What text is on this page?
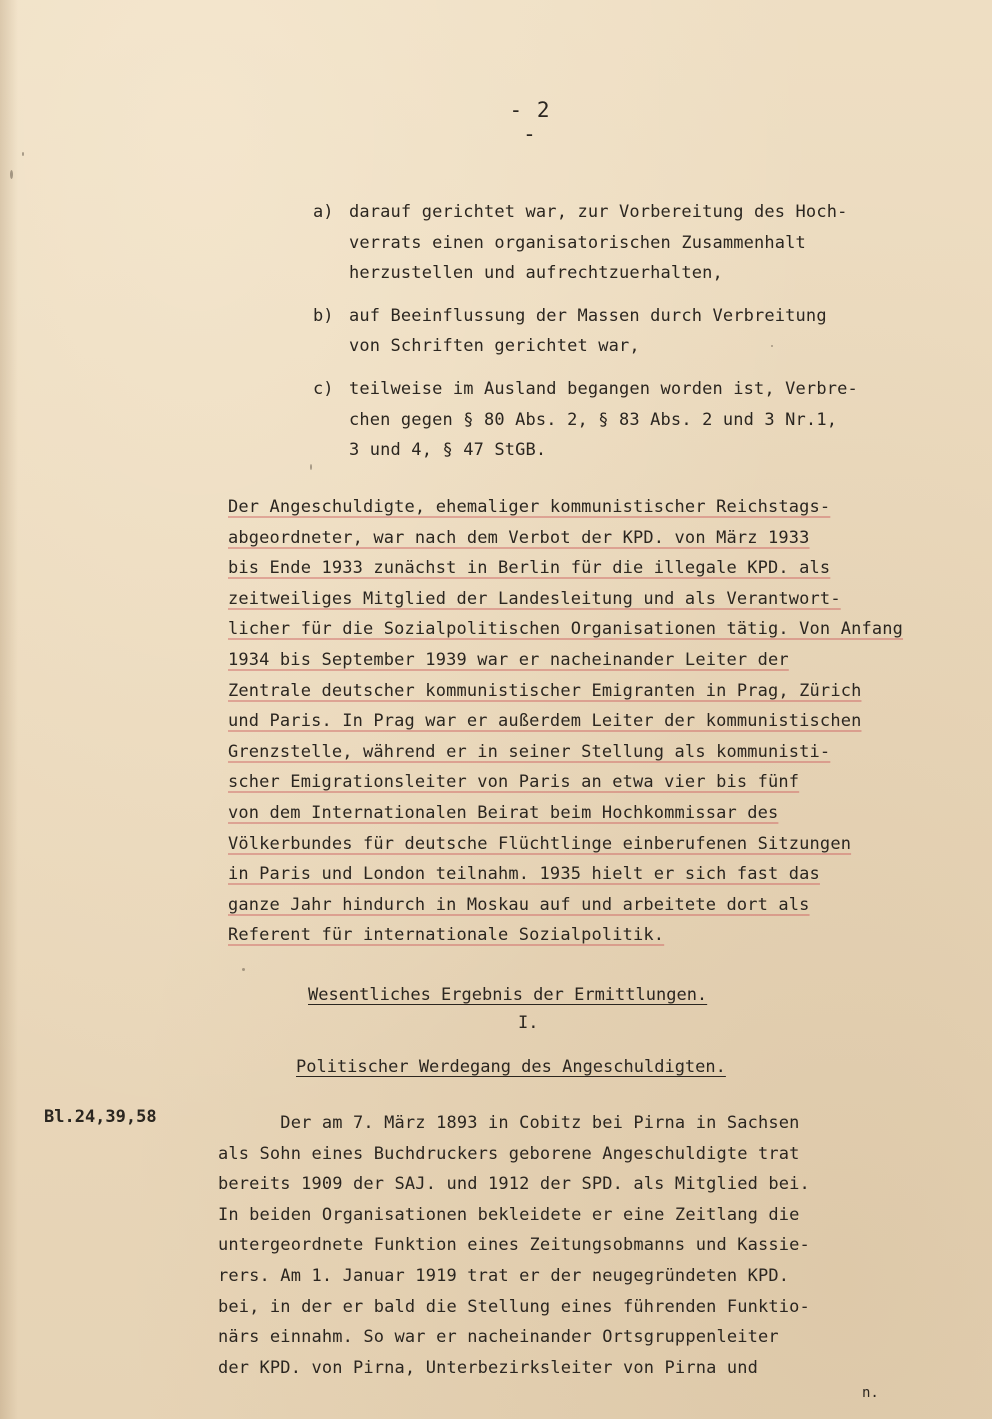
- 2 -
a) darauf gerichtet war, zur Vorbereitung des Hoch-
verrats einen organisatorischen Zusammenhalt
herzustellen und aufrechtzuerhalten,
b) auf Beeinflussung der Massen durch Verbreitung
von Schriften gerichtet war,
c) teilweise im Ausland begangen worden ist, Verbre-
chen gegen § 80 Abs. 2, § 83 Abs. 2 und 3 Nr.1,
3 und 4, § 47 StGB.
Der Angeschuldigte, ehemaliger kommunistischer Reichstags-
abgeordneter, war nach dem Verbot der KPD. von März 1933
bis Ende 1933 zunächst in Berlin für die illegale KPD. als
zeitweiliges Mitglied der Landesleitung und als Verantwort-
licher für die Sozialpolitischen Organisationen tätig. Von Anfang
1934 bis September 1939 war er nacheinander Leiter der
Zentrale deutscher kommunistischer Emigranten in Prag, Zürich
und Paris. In Prag war er außerdem Leiter der kommunistischen
Grenzstelle, während er in seiner Stellung als kommunisti-
scher Emigrationsleiter von Paris an etwa vier bis fünf
von dem Internationalen Beirat beim Hochkommissar des
Völkerbundes für deutsche Flüchtlinge einberufenen Sitzungen
in Paris und London teilnahm. 1935 hielt er sich fast das
ganze Jahr hindurch in Moskau auf und arbeitete dort als
Referent für internationale Sozialpolitik.
Wesentliches Ergebnis der Ermittlungen.
I.
Politischer Werdegang des Angeschuldigten.
Bl.24,39,58	Der am 7. März 1893 in Cobitz bei Pirna in Sachsen
als Sohn eines Buchdruckers geborene Angeschuldigte trat
bereits 1909 der SAJ. und 1912 der SPD. als Mitglied bei.
In beiden Organisationen bekleidete er eine Zeitlang die
untergeordnete Funktion eines Zeitungsobmanns und Kassie-
rers. Am 1. Januar 1919 trat er der neugegründeten KPD.
bei, in der er bald die Stellung eines führenden Funktio-
närs einnahm. So war er nacheinander Ortsgruppenleiter
der KPD. von Pirna, Unterbezirksleiter von Pirna und
n.
